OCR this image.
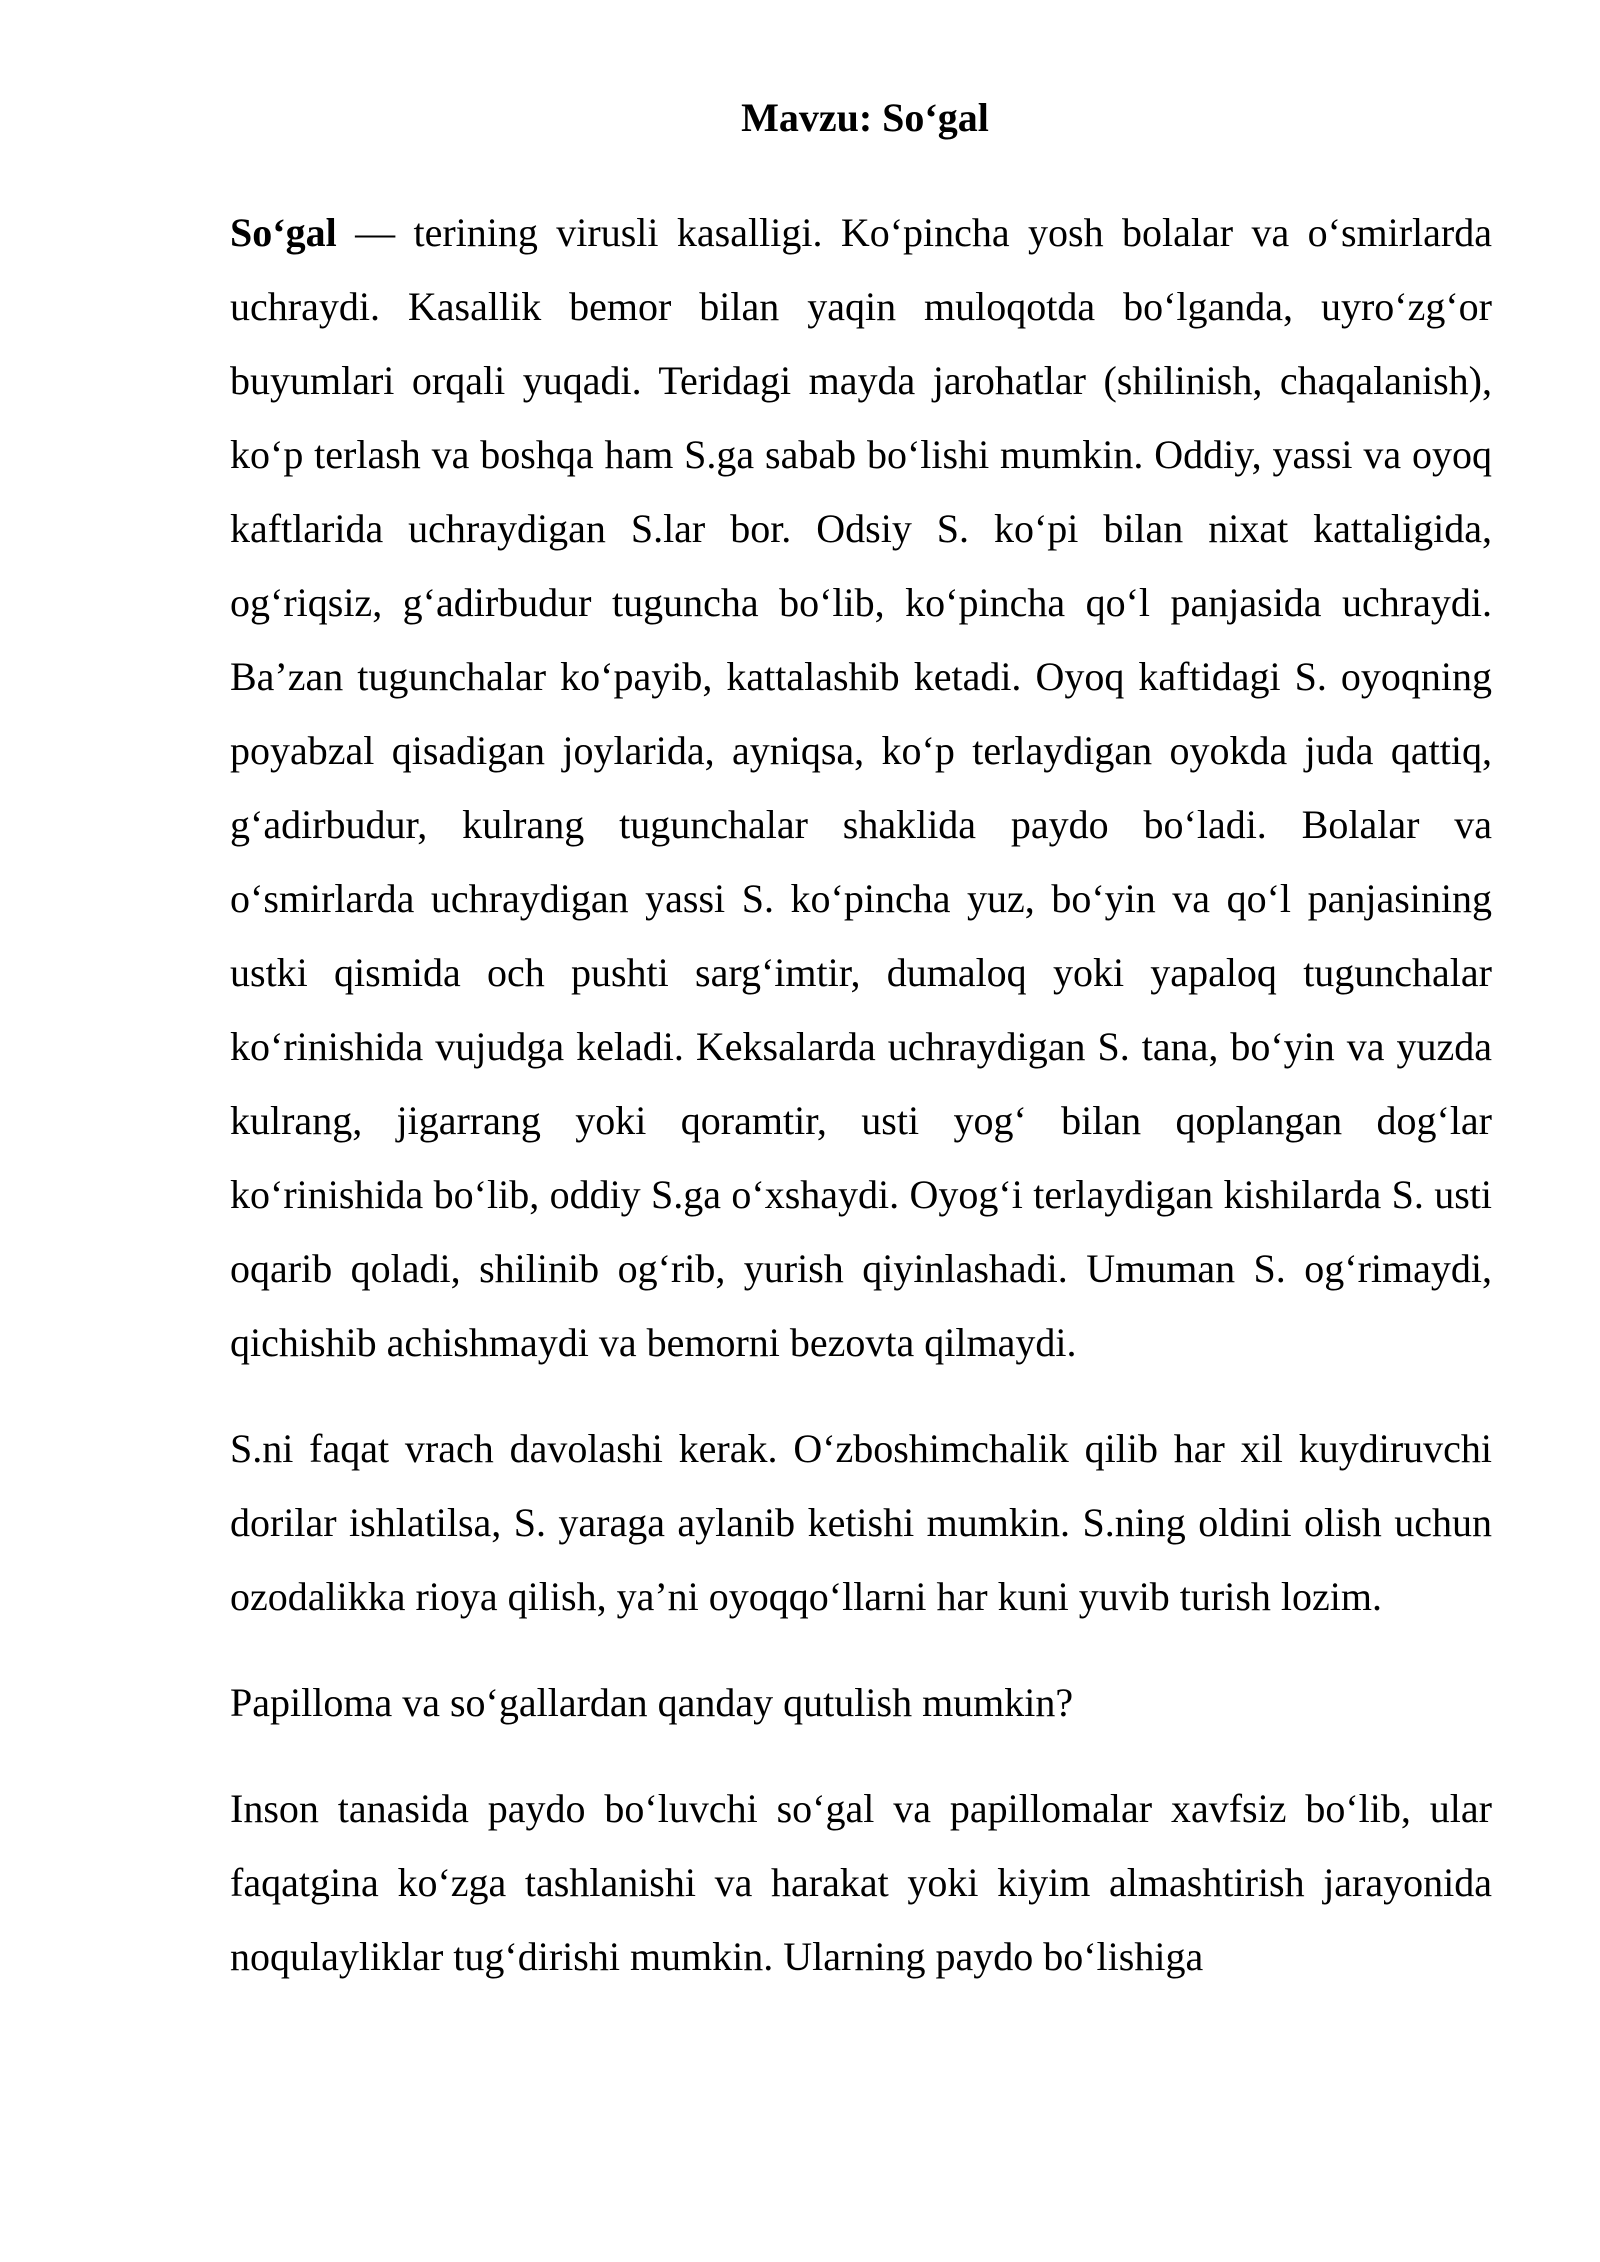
Mavzu: So‘gal

So‘gal — terining virusli kasalligi. Ko‘pincha yosh bolalar va o‘smirlarda uchraydi. Kasallik bemor bilan yaqin muloqotda bo‘lganda, uyro‘zg‘or buyumlari orqali yuqadi. Teridagi mayda jarohatlar (shilinish, chaqalanish), ko‘p terlash va boshqa ham S.ga sabab bo‘lishi mumkin. Oddiy, yassi va oyoq kaftlarida uchraydigan S.lar bor. Odsiy S. ko‘pi bilan nixat kattaligida, og‘riqsiz, g‘adirbudur tuguncha bo‘lib, ko‘pincha qo‘l panjasida uchraydi. Ba’zan tugunchalar ko‘payib, kattalashib ketadi. Oyoq kaftidagi S. oyoqning poyabzal qisadigan joylarida, ayniqsa, ko‘p terlaydigan oyokda juda qattiq, g‘adirbudur, kulrang tugunchalar shaklida paydo bo‘ladi. Bolalar va o‘smirlarda uchraydigan yassi S. ko‘pincha yuz, bo‘yin va qo‘l panjasining ustki qismida och pushti sarg‘imtir, dumaloq yoki yapaloq tugunchalar ko‘rinishida vujudga keladi. Keksalarda uchraydigan S. tana, bo‘yin va yuzda kulrang, jigarrang yoki qoramtir, usti yog‘ bilan qoplangan dog‘lar ko‘rinishida bo‘lib, oddiy S.ga o‘xshaydi. Oyog‘i terlaydigan kishilarda S. usti oqarib qoladi, shilinib og‘rib, yurish qiyinlashadi. Umuman S. og‘rimaydi, qichishib achishmaydi va bemorni bezovta qilmaydi.

S.ni faqat vrach davolashi kerak. O‘zboshimchalik qilib har xil kuydiruvchi dorilar ishlatilsa, S. yaraga aylanib ketishi mumkin. S.ning oldini olish uchun ozodalikka rioya qilish, ya’ni oyoqqo‘llarni har kuni yuvib turish lozim.

Papilloma va so‘gallardan qanday qutulish mumkin?

Inson tanasida paydo bo‘luvchi so‘gal va papillomalar xavfsiz bo‘lib, ular faqatgina ko‘zga tashlanishi va harakat yoki kiyim almashtirish jarayonida noqulayliklar tug‘dirishi mumkin. Ularning paydo bo‘lishiga
